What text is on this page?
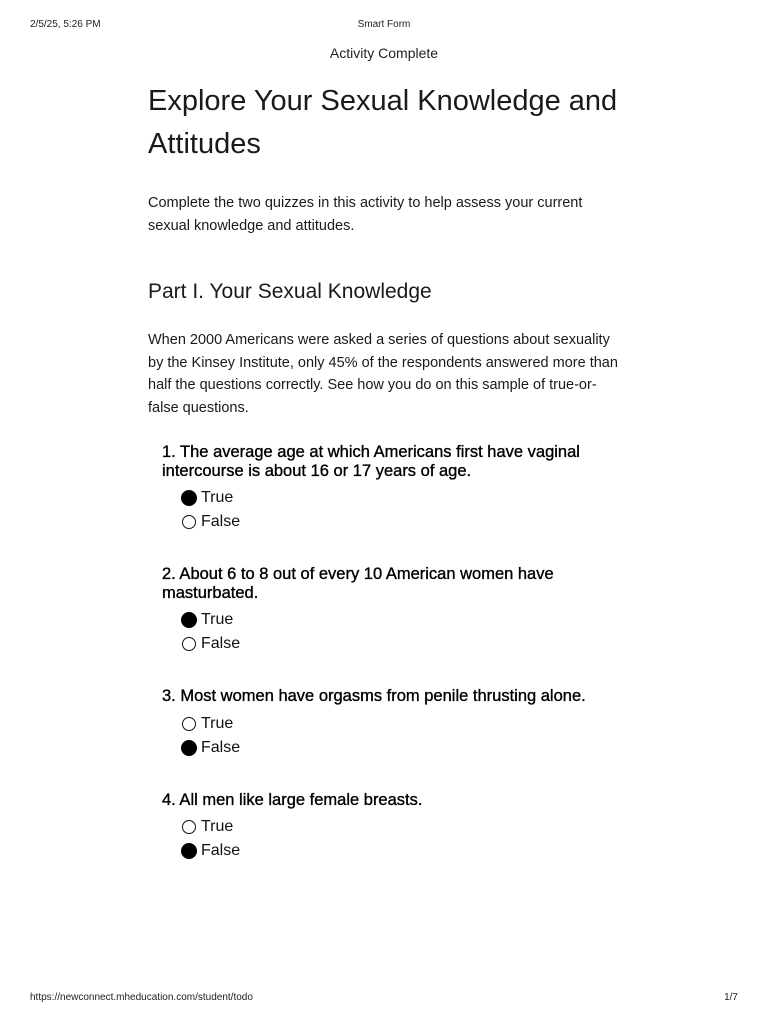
2/5/25, 5:26 PM	Smart Form
Activity Complete
Explore Your Sexual Knowledge and Attitudes

Complete the two quizzes in this activity to help assess your current sexual knowledge and attitudes.

Part I. Your Sexual Knowledge

When 2000 Americans were asked a series of questions about sexuality by the Kinsey Institute, only 45% of the respondents answered more than half the questions correctly. See how you do on this sample of true-or-false questions.

1. The average age at which Americans first have vaginal intercourse is about 16 or 17 years of age.
True
False
2. About 6 to 8 out of every 10 American women have masturbated.
True
False
3. Most women have orgasms from penile thrusting alone.
True
False
4. All men like large female breasts.
True
False
https://newconnect.mheducation.com/student/todo	1/7
